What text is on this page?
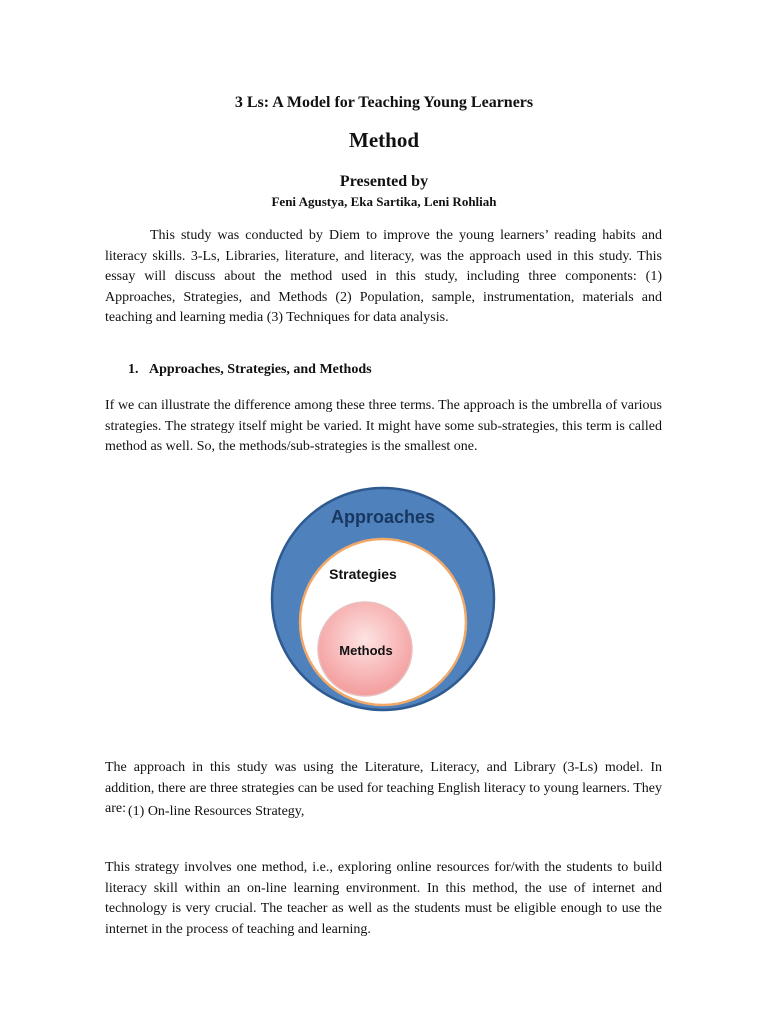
3 Ls: A Model for Teaching Young Learners
Method
Presented by
Feni Agustya, Eka Sartika, Leni Rohliah

This study was conducted by Diem to improve the young learners’ reading habits and literacy skills. 3-Ls, Libraries, literature, and literacy, was the approach used in this study. This essay will discuss about the method used in this study, including three components: (1) Approaches, Strategies, and Methods (2) Population, sample, instrumentation, materials and teaching and learning media (3) Techniques for data analysis.

1. Approaches, Strategies, and Methods

If we can illustrate the difference among these three terms. The approach is the umbrella of various strategies. The strategy itself might be varied. It might have some sub-strategies, this term is called method as well. So, the methods/sub-strategies is the smallest one.

Approaches
Strategies
Methods

The approach in this study was using the Literature, Literacy, and Library (3-Ls) model. In addition, there are three strategies can be used for teaching English literacy to young learners. They are: (1) On-line Resources Strategy,

This strategy involves one method, i.e., exploring online resources for/with the students to build literacy skill within an on-line learning environment. In this method, the use of internet and technology is very crucial. The teacher as well as the students must be eligible enough to use the internet in the process of teaching and learning.
